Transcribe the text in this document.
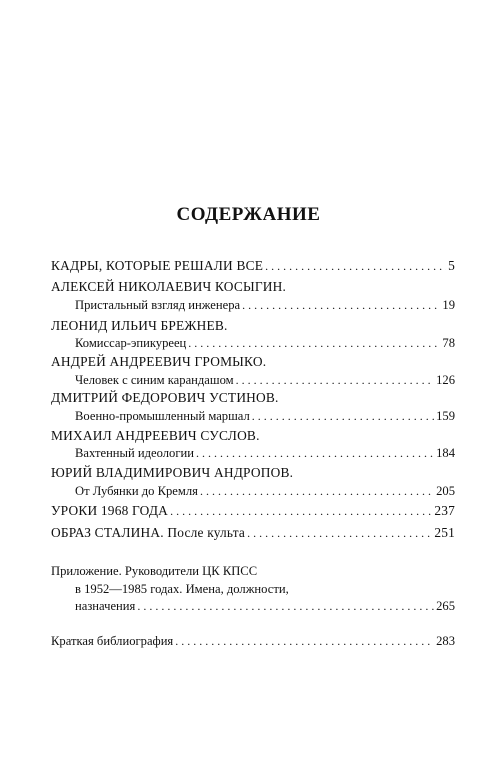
СОДЕРЖАНИЕ
КАДРЫ, КОТОРЫЕ РЕШАЛИ ВСЕ . . .	5
АЛЕКСЕЙ НИКОЛАЕВИЧ КОСЫГИН.
Пристальный взгляд инженера . . .	19
ЛЕОНИД ИЛЬИЧ БРЕЖНЕВ.
Комиссар-эпикуреец . . .	78
АНДРЕЙ АНДРЕЕВИЧ ГРОМЫКО.
Человек с синим карандашом . . .	126
ДМИТРИЙ ФЕДОРОВИЧ УСТИНОВ.
Военно-промышленный маршал . . .	159
МИХАИЛ АНДРЕЕВИЧ СУСЛОВ.
Вахтенный идеологии . . .	184
ЮРИЙ ВЛАДИМИРОВИЧ АНДРОПОВ.
От Лубянки до Кремля . . .	205
УРОКИ 1968 ГОДА . . .	237
ОБРАЗ СТАЛИНА. После культа . . .	251
Приложение. Руководители ЦК КПСС
в 1952—1985 годах. Имена, должности,
назначения . . .	265
Краткая библиография . . .	283
